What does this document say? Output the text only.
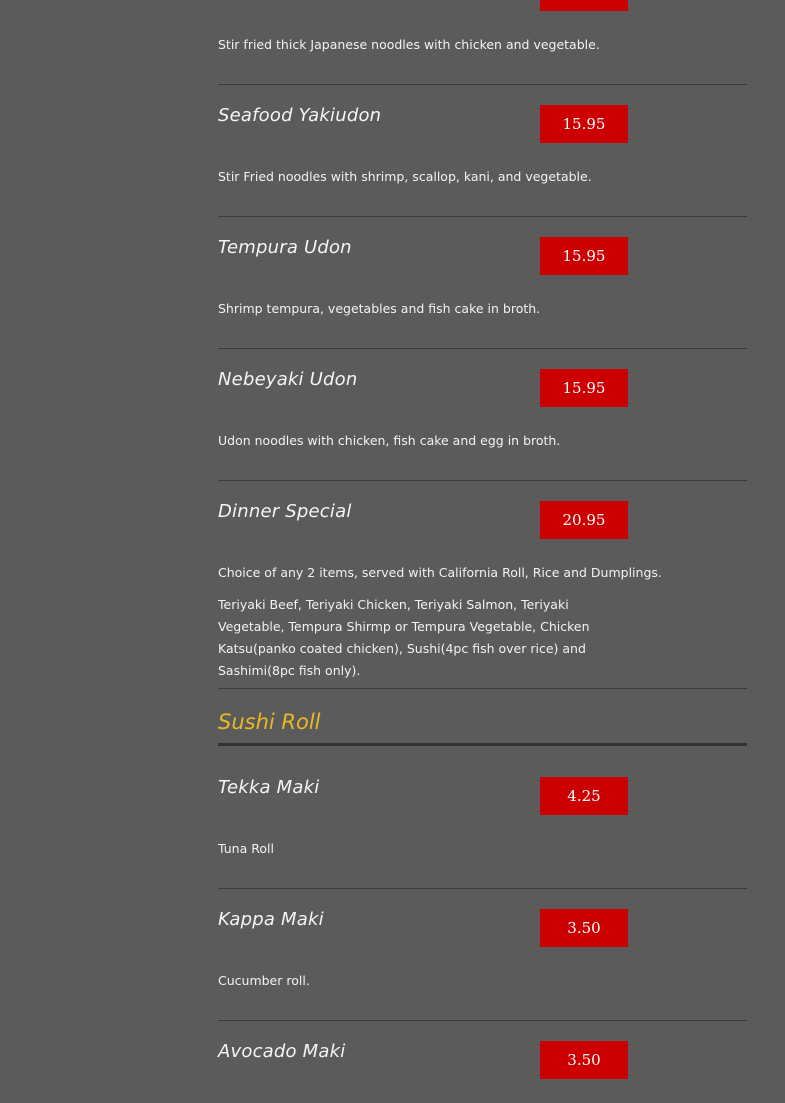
Stir fried thick Japanese noodles with chicken and vegetable.
Seafood Yakiudon	15.95
Stir Fried noodles with shrimp, scallop, kani, and vegetable.
Tempura Udon	15.95
Shrimp tempura, vegetables and fish cake in broth.
Nebeyaki Udon	15.95
Udon noodles with chicken, fish cake and egg in broth.
Dinner Special	20.95
Choice of any 2 items, served with California Roll, Rice and Dumplings.
Teriyaki Beef, Teriyaki Chicken, Teriyaki Salmon, Teriyaki Vegetable, Tempura Shirmp or Tempura Vegetable, Chicken Katsu(panko coated chicken), Sushi(4pc fish over rice) and Sashimi(8pc fish only).
Sushi Roll
Tekka Maki	4.25
Tuna Roll
Kappa Maki	3.50
Cucumber roll.
Avocado Maki	3.50
